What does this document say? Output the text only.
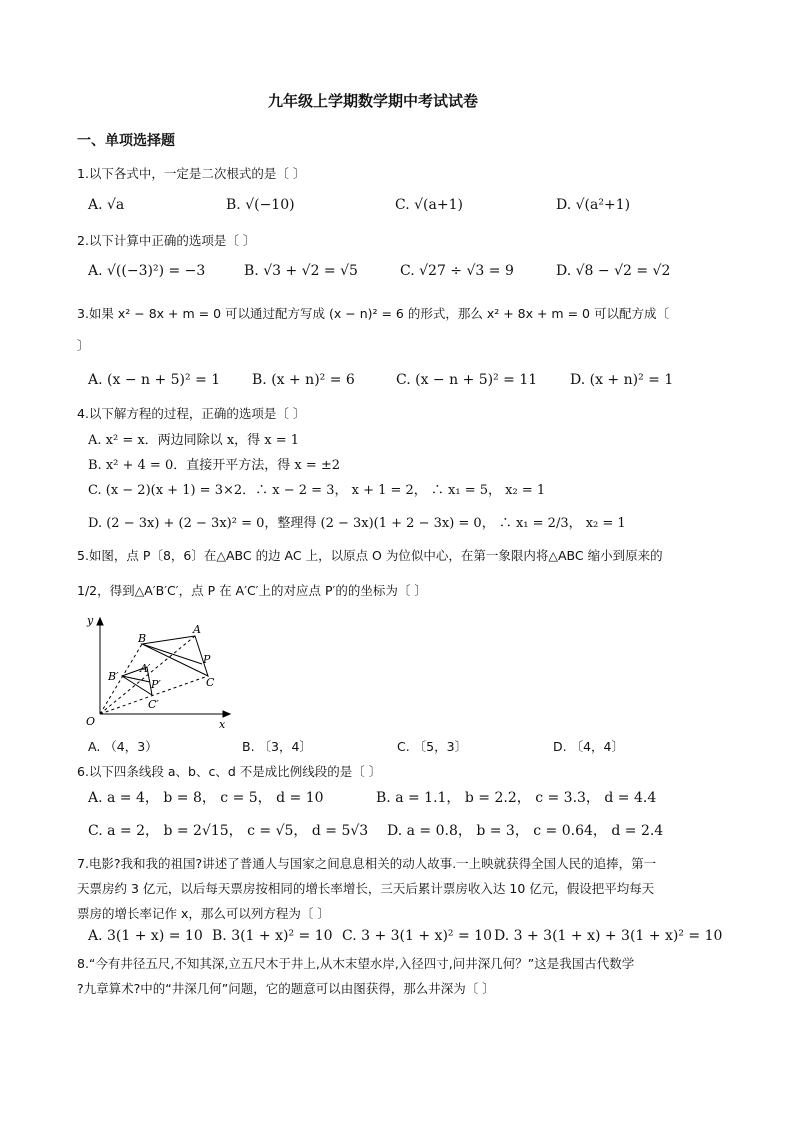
九年级上学期数学期中考试试卷
一、单项选择题
1.以下各式中，一定是二次根式的是〔 〕
A. √a	B. √(−10)	C. √(a+1)	D. √(a²+1)
2.以下计算中正确的选项是〔 〕
A. √((−3)²) = −3	B. √3 + √2 = √5	C. √27 ÷ √3 = 9	D. √8 − √2 = √2
3.如果 x² − 8x + m = 0 可以通过配方写成 (x − n)² = 6 的形式，那么 x² + 8x + m = 0 可以配方成〔
〕
A. (x − n + 5)² = 1 B. (x + n)² = 6	C. (x − n + 5)² = 11 D. (x + n)² = 1
4.以下解方程的过程，正确的选项是〔 〕
A. x² = x．两边同除以 x，得 x = 1
B. x² + 4 = 0．直接开平方法，得 x = ±2
C. (x − 2)(x + 1) = 3×2．∴ x − 2 = 3， x + 1 = 2， ∴ x₁ = 5， x₂ = 1
D. (2 − 3x) + (2 − 3x)² = 0，整理得 (2 − 3x)(1 + 2 − 3x) = 0， ∴ x₁ = 2/3， x₂ = 1
5.如图，点 P〔8，6〕在△ABC 的边 AC 上，以原点 O 为位似中心，在第一象限内将△ABC 缩小到原来的
1/2，得到△A′B′C′，点 P 在 A′C′上的对应点 P′的的坐标为〔 〕
y
x
O
A
B
C
P
A′
B′
C′
P′
A. （4，3）	B. 〔3，4〕	C. 〔5，3〕	D. 〔4，4〕
6.以下四条线段 a、b、c、d 不是成比例线段的是〔 〕
A. a = 4， b = 8， c = 5， d = 10	B. a = 1.1， b = 2.2， c = 3.3， d = 4.4
C. a = 2， b = 2√15， c = √5， d = 5√3 D. a = 0.8， b = 3， c = 0.64， d = 2.4
7.电影?我和我的祖国?讲述了普通人与国家之间息息相关的动人故事.一上映就获得全国人民的追捧，第一
天票房约 3 亿元，以后每天票房按相同的增长率增长，三天后累计票房收入达 10 亿元，假设把平均每天
票房的增长率记作 x，那么可以列方程为〔 〕
A. 3(1 + x) = 10 B. 3(1 + x)² = 10 C. 3 + 3(1 + x)² = 10 D. 3 + 3(1 + x) + 3(1 + x)² = 10
8.“今有井径五尺,不知其深,立五尺木于井上,从木末望水岸,入径四寸,问井深几何？”这是我国古代数学
?九章算术?中的“井深几何”问题，它的题意可以由图获得，那么井深为〔 〕
